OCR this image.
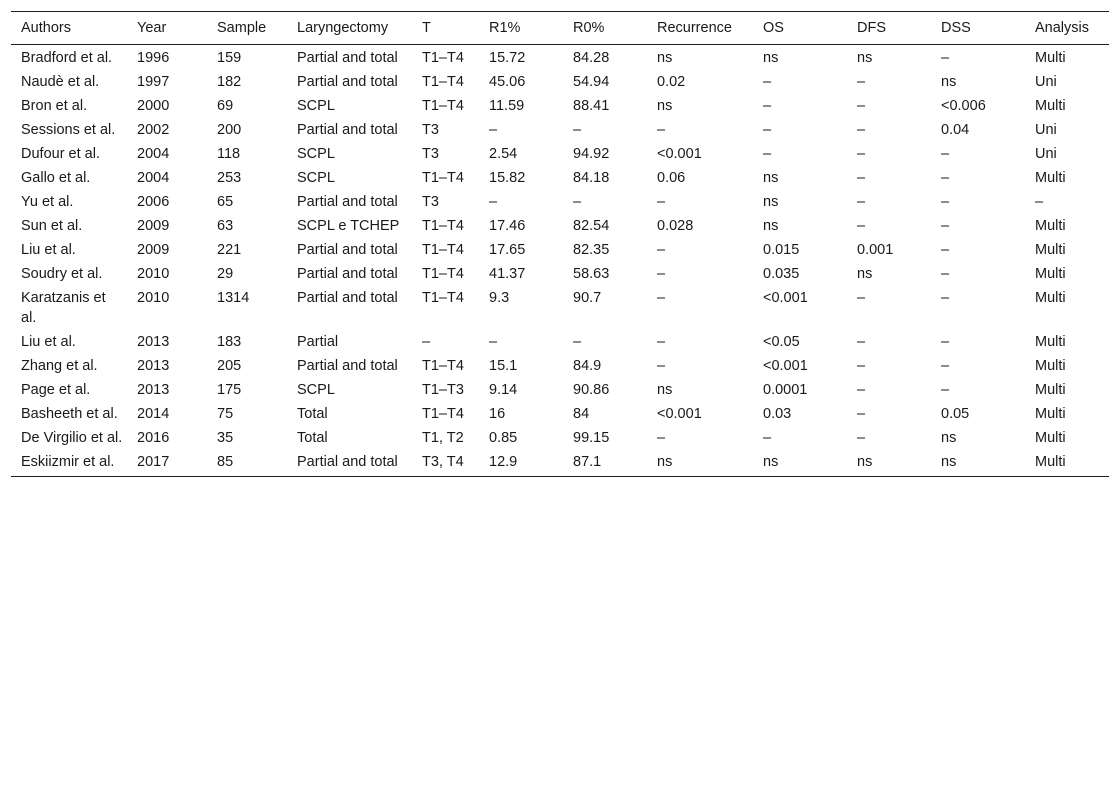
Authors	Year	Sample	Laryngectomy	T	R1%	R0%	Recurrence	OS	DFS	DSS	Analysis
Bradford et al.	1996	159	Partial and total	T1–T4	15.72	84.28	ns	ns	ns	–	Multi
Naudè et al.	1997	182	Partial and total	T1–T4	45.06	54.94	0.02	–	–	ns	Uni
Bron et al.	2000	69	SCPL	T1–T4	11.59	88.41	ns	–	–	<0.006	Multi
Sessions et al.	2002	200	Partial and total	T3	–	–	–	–	–	0.04	Uni
Dufour et al.	2004	118	SCPL	T3	2.54	94.92	<0.001	–	–	–	Uni
Gallo et al.	2004	253	SCPL	T1–T4	15.82	84.18	0.06	ns	–	–	Multi
Yu et al.	2006	65	Partial and total	T3	–	–	–	ns	–	–	–
Sun et al.	2009	63	SCPL e TCHEP	T1–T4	17.46	82.54	0.028	ns	–	–	Multi
Liu et al.	2009	221	Partial and total	T1–T4	17.65	82.35	–	0.015	0.001	–	Multi
Soudry et al.	2010	29	Partial and total	T1–T4	41.37	58.63	–	0.035	ns	–	Multi
Karatzanis et al.	2010	1314	Partial and total	T1–T4	9.3	90.7	–	<0.001	–	–	Multi
Liu et al.	2013	183	Partial	–	–	–	–	<0.05	–	–	Multi
Zhang et al.	2013	205	Partial and total	T1–T4	15.1	84.9	–	<0.001	–	–	Multi
Page et al.	2013	175	SCPL	T1–T3	9.14	90.86	ns	0.0001	–	–	Multi
Basheeth et al.	2014	75	Total	T1–T4	16	84	<0.001	0.03	–	0.05	Multi
De Virgilio et al.	2016	35	Total	T1, T2	0.85	99.15	–	–	–	ns	Multi
Eskiizmir et al.	2017	85	Partial and total	T3, T4	12.9	87.1	ns	ns	ns	ns	Multi
